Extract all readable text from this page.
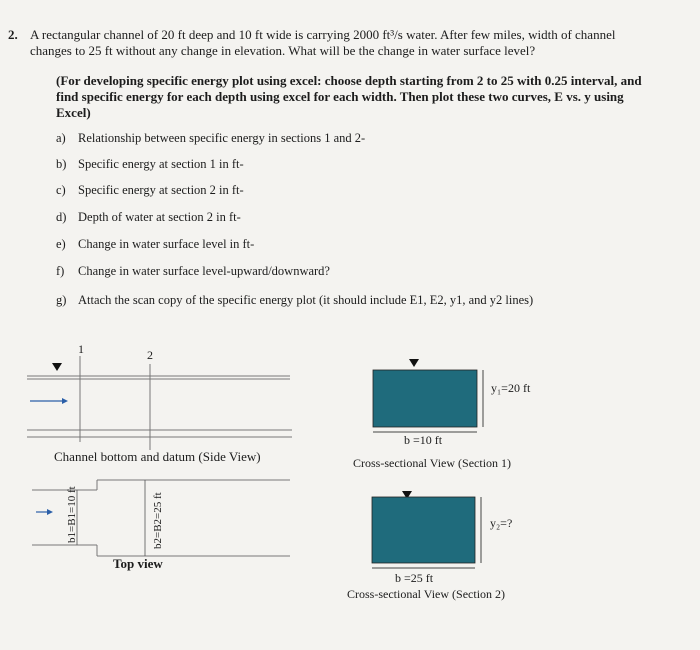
2. A rectangular channel of 20 ft deep and 10 ft wide is carrying 2000 ft³/s water. After few miles, width of channel
changes to 25 ft without any change in elevation. What will be the change in water surface level?
(For developing specific energy plot using excel: choose depth starting from 2 to 25 with 0.25 interval, and
find specific energy for each depth using excel for each width. Then plot these two curves, E vs. y using
Excel)
a) Relationship between specific energy in sections 1 and 2-
b) Specific energy at section 1 in ft-
c) Specific energy at section 2 in ft-
d) Depth of water at section 2 in ft-
e) Change in water surface level in ft-
f) Change in water surface level-upward/downward?
g) Attach the scan copy of the specific energy plot (it should include E1, E2, y1, and y2 lines)
1	2
Channel bottom and datum (Side View)
b1=B1=10 ft	b2=B2=25 ft
Top view
y₁=20 ft
b =10 ft
Cross-sectional View (Section 1)
y₂=?
b =25 ft
Cross-sectional View (Section 2)
